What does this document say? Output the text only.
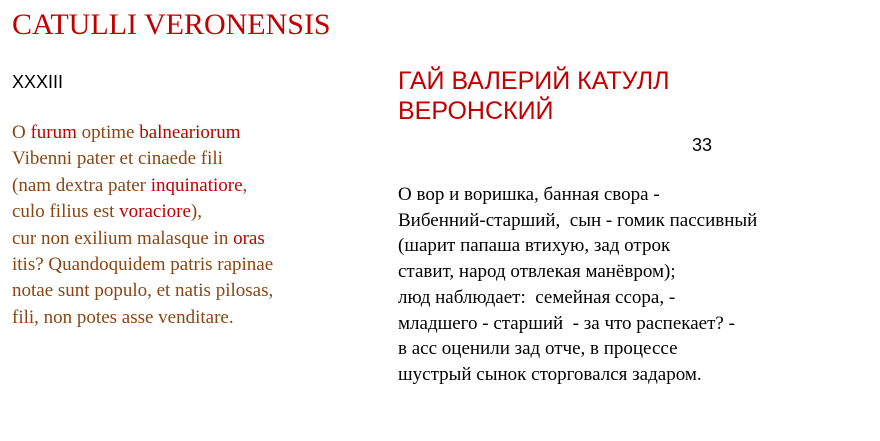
CATULLI VERONENSIS
XXXIII
O furum optime balneariorum
Vibenni pater et cinaede fili
(nam dextra pater inquinatiore,
culo filius est voraciore),
cur non exilium malasque in oras
itis? Quandoquidem patris rapinae
notae sunt populo, et natis pilosas,
fili, non potes asse venditare.
ГАЙ ВАЛЕРИЙ КАТУЛЛ
ВЕРОНСКИЙ
33
О вор и воришка, банная свора -
Вибенний-старший,  сын - гомик пассивный
(шарит папаша втихую, зад отрок
ставит, народ отвлекая манёвром);
люд наблюдает:  семейная ссора, -
младшего - старший  - за что распекает? -
в асс оценили зад отче, в процессе
шустрый сынок сторговался задаром.
